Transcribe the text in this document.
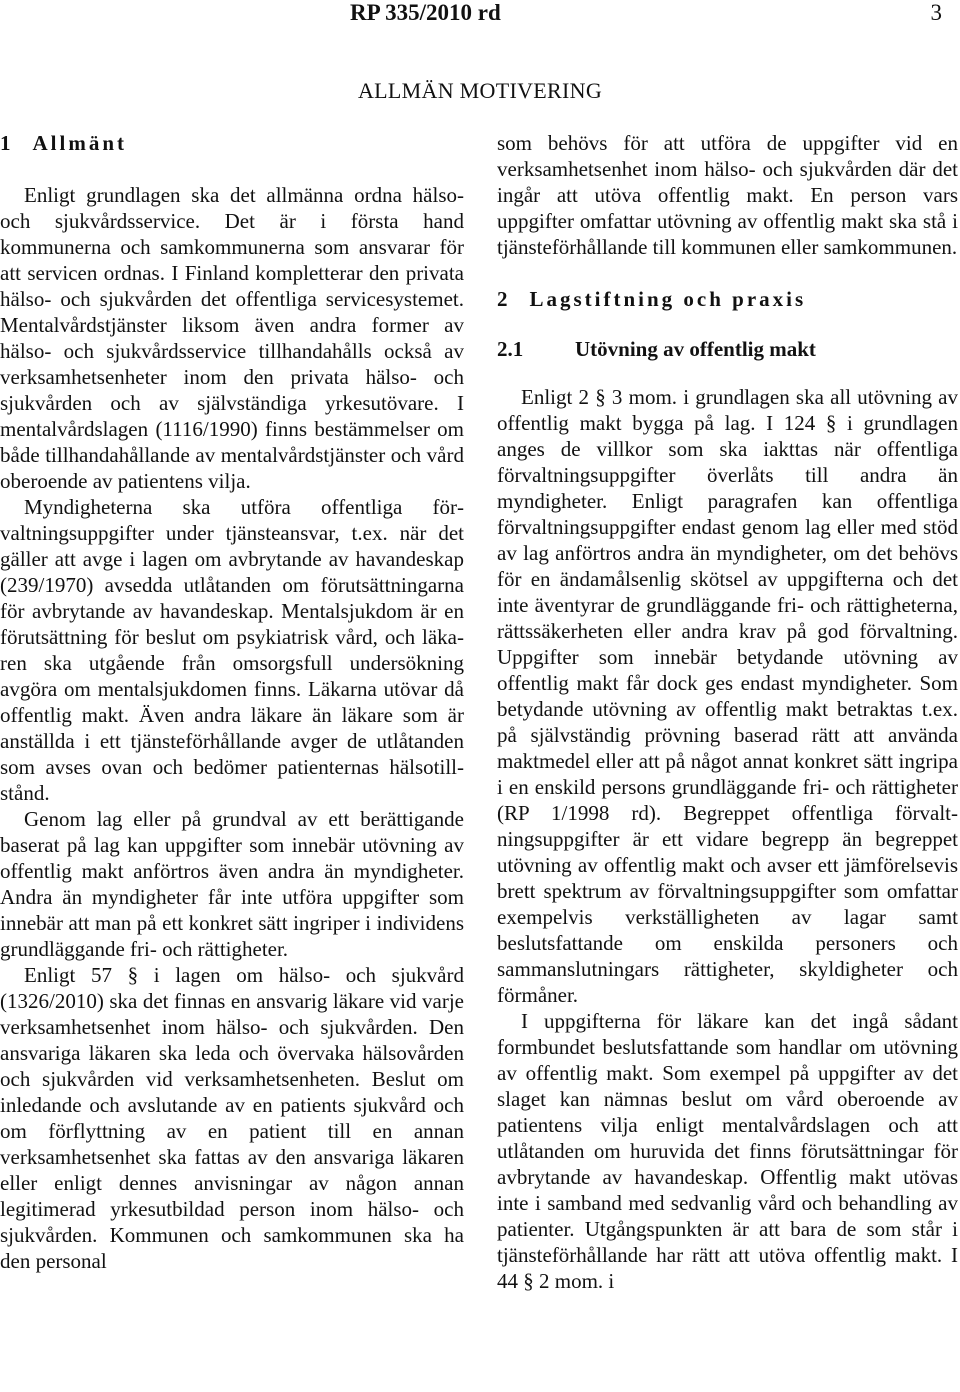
RP 335/2010 rd	3
ALLMÄN MOTIVERING
1 Allmänt

Enligt grundlagen ska det allmänna ordna hälso- och sjukvårdsservice. Det är i första hand kommunerna och samkommunerna som ansvarar för att servicen ordnas. I Finland kompletterar den privata hälso- och sjukvården det offentliga servicesystemet. Mentalvårdstjänster liksom även andra former av hälso- och sjukvårdsservice tillhandahålls också av verksamhetsenheter inom den privata hälso- och sjukvården och av självständiga yrkesutövare. I mentalvårdslagen (1116/1990) finns bestämmelser om både tillhandahållande av mentalvårdstjänster och vård oberoende av patientens vilja.

Myndigheterna ska utföra offentliga förvaltningsuppgifter under tjänsteansvar, t.ex. när det gäller att avge i lagen om avbrytande av havandeskap (239/1970) avsedda utlåtanden om förutsättningarna för avbrytande av havandeskap. Mentalsjukdom är en förutsättning för beslut om psykiatrisk vård, och läkaren ska utgående från omsorgsfull undersökning avgöra om mentalsjukdomen finns. Läkarna utövar då offentlig makt. Även andra läkare än läkare som är anställda i ett tjänsteförhållande avger de utlåtanden som avses ovan och bedömer patienternas hälsotillstånd.

Genom lag eller på grundval av ett berättigande baserat på lag kan uppgifter som innebär utövning av offentlig makt anförtros även andra än myndigheter. Andra än myndigheter får inte utföra uppgifter som innebär att man på ett konkret sätt ingriper i individens grundläggande fri- och rättigheter.

Enligt 57 § i lagen om hälso- och sjukvård (1326/2010) ska det finnas en ansvarig läkare vid varje verksamhetsenhet inom hälso- och sjukvården. Den ansvariga läkaren ska leda och övervaka hälsovården och sjukvården vid verksamhetsenheten. Beslut om inledande och avslutande av en patients sjukvård och om förflyttning av en patient till en annan verksamhetsenhet ska fattas av den ansvariga läkaren eller enligt dennes anvisningar av någon annan legitimerad yrkesutbildad person inom hälso- och sjukvården. Kommunen och samkommunen ska ha den personal

som behövs för att utföra de uppgifter vid en verksamhetsenhet inom hälso- och sjukvården där det ingår att utöva offentlig makt. En person vars uppgifter omfattar utövning av offentlig makt ska stå i tjänsteförhållande till kommunen eller samkommunen.

2 Lagstiftning och praxis
2.1 Utövning av offentlig makt

Enligt 2 § 3 mom. i grundlagen ska all utövning av offentlig makt bygga på lag. I 124 § i grundlagen anges de villkor som ska iakttas när offentliga förvaltningsuppgifter överlåts till andra än myndigheter. Enligt paragrafen kan offentliga förvaltningsuppgifter endast genom lag eller med stöd av lag anförtros andra än myndigheter, om det behövs för en ändamålsenlig skötsel av uppgifterna och det inte äventyrar de grundläggande fri- och rättigheterna, rättssäkerheten eller andra krav på god förvaltning. Uppgifter som innebär betydande utövning av offentlig makt får dock ges endast myndigheter. Som betydande utövning av offentlig makt betraktas t.ex. på självständig prövning baserad rätt att använda maktmedel eller att på något annat konkret sätt ingripa i en enskild persons grundläggande fri- och rättigheter (RP 1/1998 rd). Begreppet offentliga förvaltningsuppgifter är ett vidare begrepp än begreppet utövning av offentlig makt och avser ett jämförelsevis brett spektrum av förvaltningsuppgifter som omfattar exempelvis verkställigheten av lagar samt beslutsfattande om enskilda personers och sammanslutningars rättigheter, skyldigheter och förmåner.

I uppgifterna för läkare kan det ingå sådant formbundet beslutsfattande som handlar om utövning av offentlig makt. Som exempel på uppgifter av det slaget kan nämnas beslut om vård oberoende av patientens vilja enligt mentalvårdslagen och att utlåtanden om huruvida det finns förutsättningar för avbrytande av havandeskap. Offentlig makt utövas inte i samband med sedvanlig vård och behandling av patienter. Utgångspunkten är att bara de som står i tjänsteförhållande har rätt att utöva offentlig makt. I 44 § 2 mom. i
